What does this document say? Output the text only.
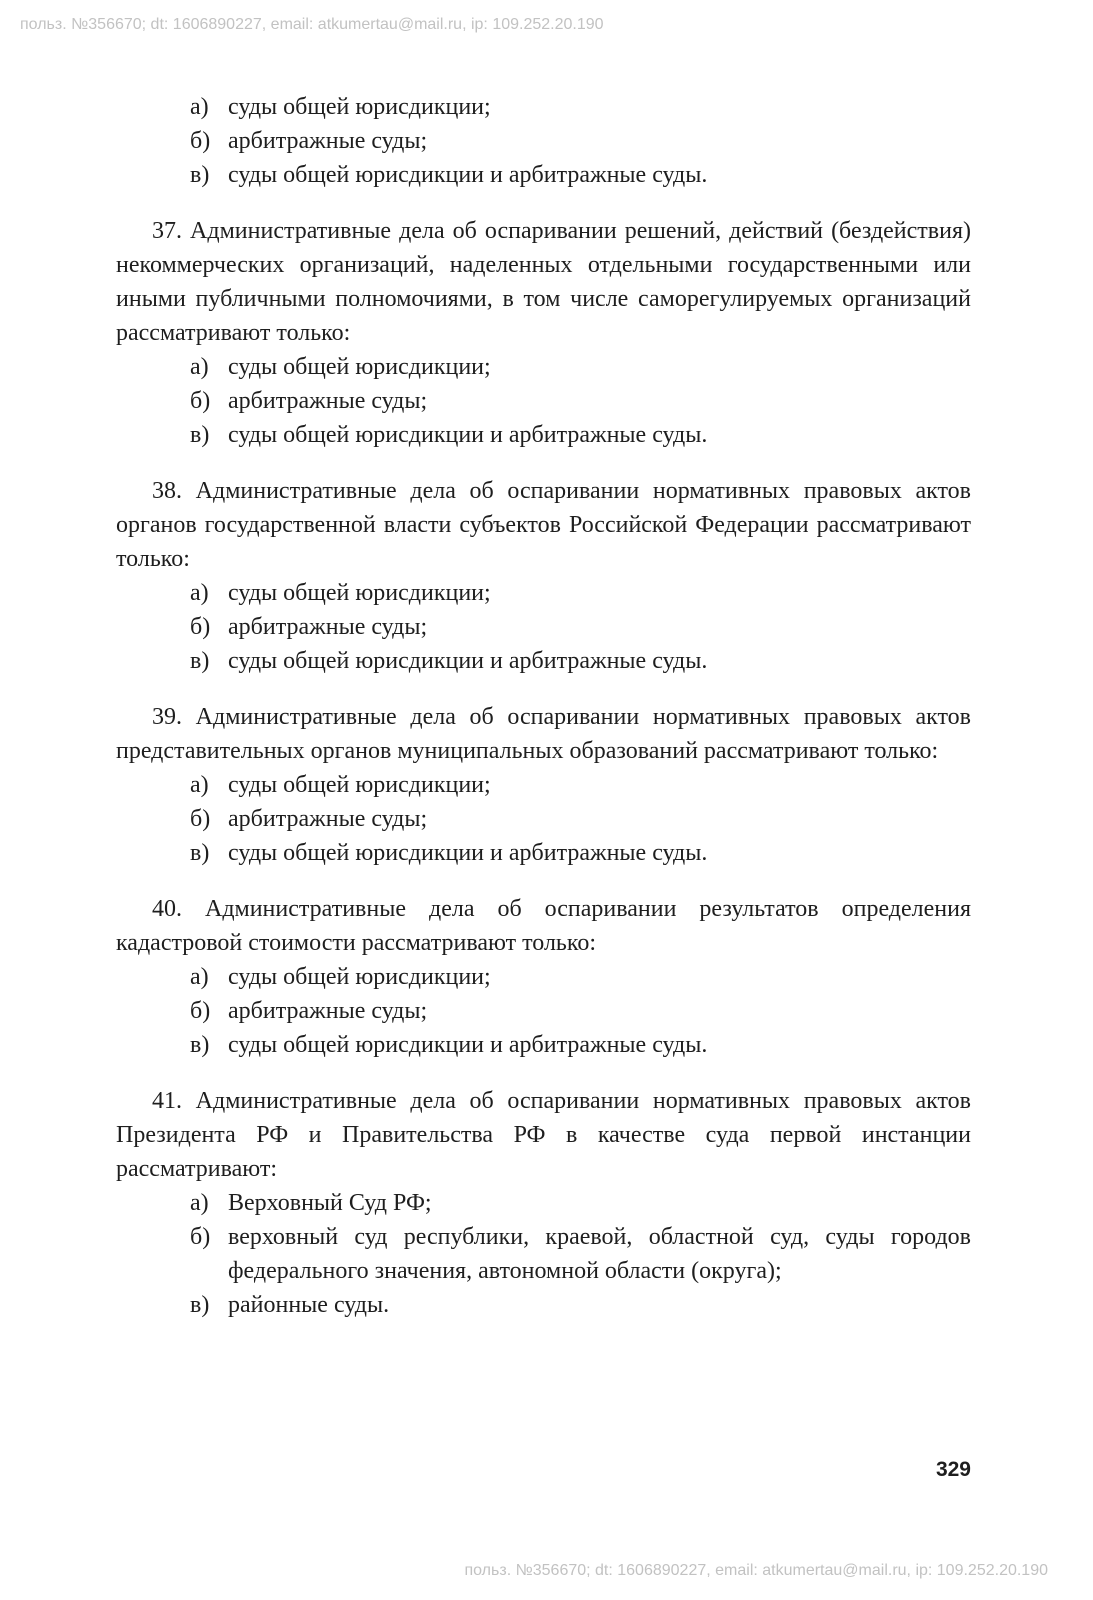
польз. №356670; dt: 1606890227, email: atkumertau@mail.ru, ip: 109.252.20.190
а) суды общей юрисдикции;
б) арбитражные суды;
в) суды общей юрисдикции и арбитражные суды.

37. Административные дела об оспаривании решений, действий (бездействия) некоммерческих организаций, наделенных отдельными государственными или иными публичными полномочиями, в том числе саморегулируемых организаций рассматривают только:

а) суды общей юрисдикции;
б) арбитражные суды;
в) суды общей юрисдикции и арбитражные суды.

38. Административные дела об оспаривании нормативных правовых актов органов государственной власти субъектов Российской Федерации рассматривают только:

а) суды общей юрисдикции;
б) арбитражные суды;
в) суды общей юрисдикции и арбитражные суды.

39. Административные дела об оспаривании нормативных правовых актов представительных органов муниципальных образований рассматривают только:

а) суды общей юрисдикции;
б) арбитражные суды;
в) суды общей юрисдикции и арбитражные суды.

40. Административные дела об оспаривании результатов определения кадастровой стоимости рассматривают только:

а) суды общей юрисдикции;
б) арбитражные суды;
в) суды общей юрисдикции и арбитражные суды.

41. Административные дела об оспаривании нормативных правовых актов Президента РФ и Правительства РФ в качестве суда первой инстанции рассматривают:

а) Верховный Суд РФ;
б) верховный суд республики, краевой, областной суд, суды городов федерального значения, автономной области (округа);
в) районные суды.
329
польз. №356670; dt: 1606890227, email: atkumertau@mail.ru, ip: 109.252.20.190
